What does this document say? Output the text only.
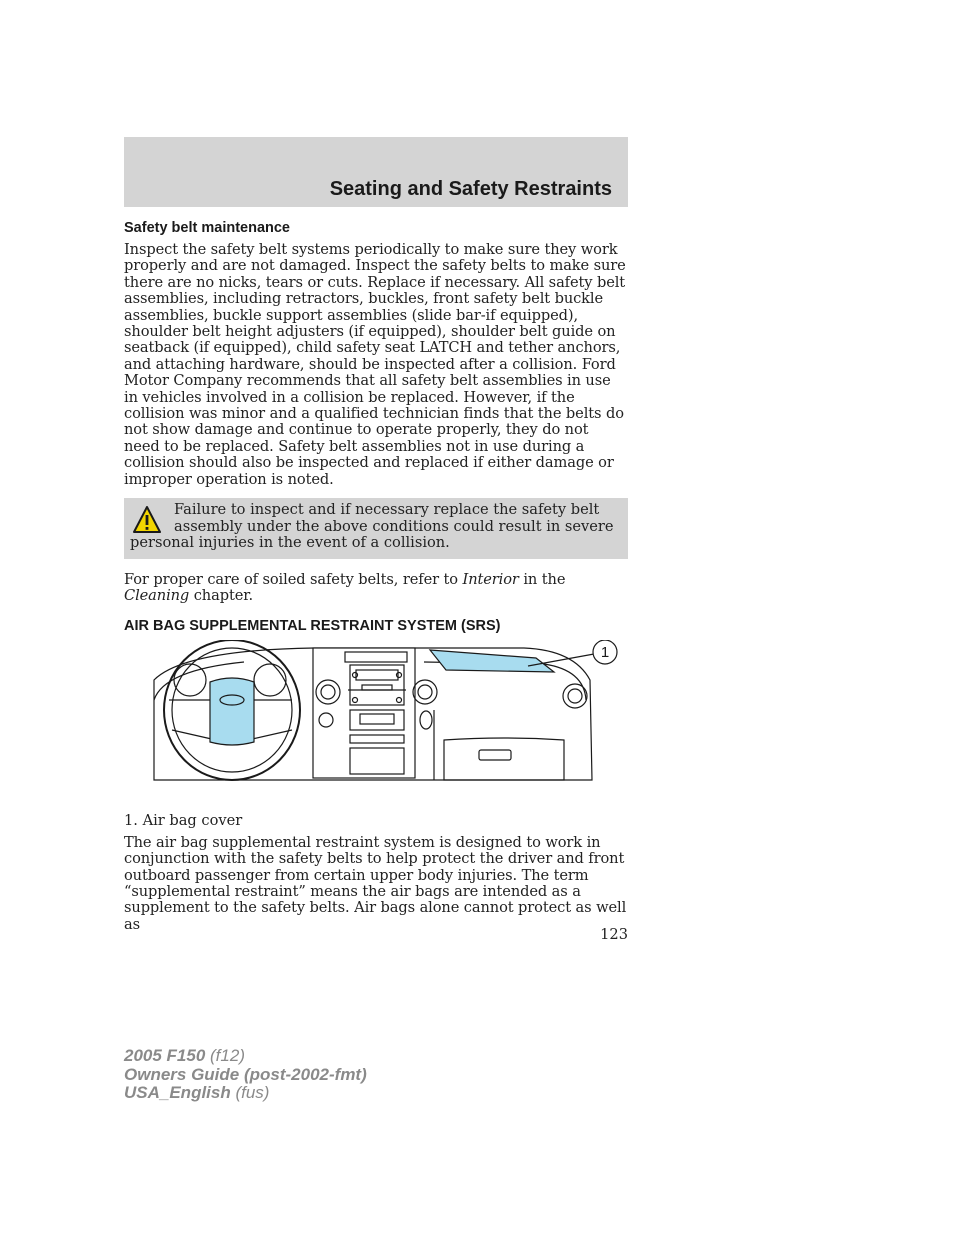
Seating and Safety Restraints
Safety belt maintenance

Inspect the safety belt systems periodically to make sure they work properly and are not damaged. Inspect the safety belts to make sure there are no nicks, tears or cuts. Replace if necessary. All safety belt assemblies, including retractors, buckles, front safety belt buckle assemblies, buckle support assemblies (slide bar-if equipped), shoulder belt height adjusters (if equipped), shoulder belt guide on seatback (if equipped), child safety seat LATCH and tether anchors, and attaching hardware, should be inspected after a collision. Ford Motor Company recommends that all safety belt assemblies in use in vehicles involved in a collision be replaced. However, if the collision was minor and a qualified technician finds that the belts do not show damage and continue to operate properly, they do not need to be replaced. Safety belt assemblies not in use during a collision should also be inspected and replaced if either damage or improper operation is noted.

Failure to inspect and if necessary replace the safety belt assembly under the above conditions could result in severe personal injuries in the event of a collision.

For proper care of soiled safety belts, refer to Interior in the Cleaning chapter.

AIR BAG SUPPLEMENTAL RESTRAINT SYSTEM (SRS)
1

1. Air bag cover

The air bag supplemental restraint system is designed to work in conjunction with the safety belts to help protect the driver and front outboard passenger from certain upper body injuries. The term “supplemental restraint” means the air bags are intended as a supplement to the safety belts. Air bags alone cannot protect as well as

123
2005 F150 (f12)
Owners Guide (post-2002-fmt)
USA_English (fus)
